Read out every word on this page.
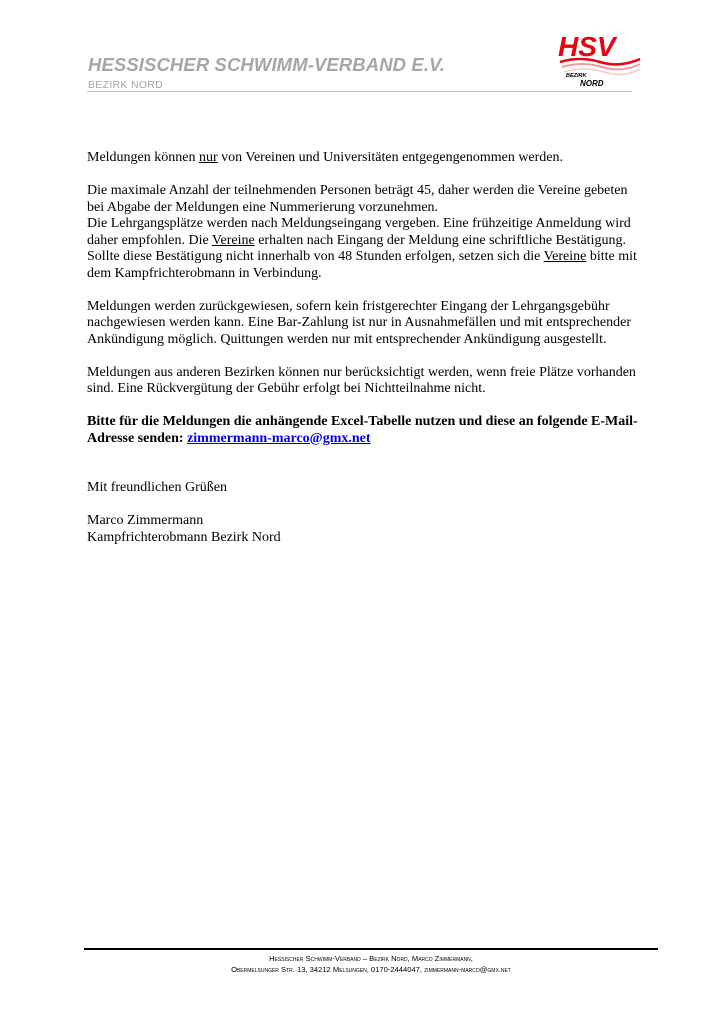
HESSISCHER SCHWIMM-VERBAND E.V.
BEZIRK NORD
HSV
BEZIRK
NORD

Meldungen können nur von Vereinen und Universitäten entgegengenommen werden.

Die maximale Anzahl der teilnehmenden Personen beträgt 45, daher werden die Vereine gebeten bei Abgabe der Meldungen eine Nummerierung vorzunehmen.
Die Lehrgangsplätze werden nach Meldungseingang vergeben. Eine frühzeitige Anmeldung wird daher empfohlen. Die Vereine erhalten nach Eingang der Meldung eine schriftliche Bestätigung. Sollte diese Bestätigung nicht innerhalb von 48 Stunden erfolgen, setzen sich die Vereine bitte mit dem Kampfrichterobmann in Verbindung.

Meldungen werden zurückgewiesen, sofern kein fristgerechter Eingang der Lehrgangsgebühr nachgewiesen werden kann. Eine Bar-Zahlung ist nur in Ausnahmefällen und mit entsprechender Ankündigung möglich. Quittungen werden nur mit entsprechender Ankündigung ausgestellt.

Meldungen aus anderen Bezirken können nur berücksichtigt werden, wenn freie Plätze vorhanden sind. Eine Rückvergütung der Gebühr erfolgt bei Nichtteilnahme nicht.

Bitte für die Meldungen die anhängende Excel-Tabelle nutzen und diese an folgende E-Mail-Adresse senden: zimmermann-marco@gmx.net

Mit freundlichen Grüßen

Marco Zimmermann

Kampfrichterobmann Bezirk Nord

Hessischer Schwimm-Verband – Bezirk Nord, Marco Zimmermann,
Obermelsunger Str. 13, 34212 Melsungen, 0170-2444047, zimmermann-marco@gmx.net
